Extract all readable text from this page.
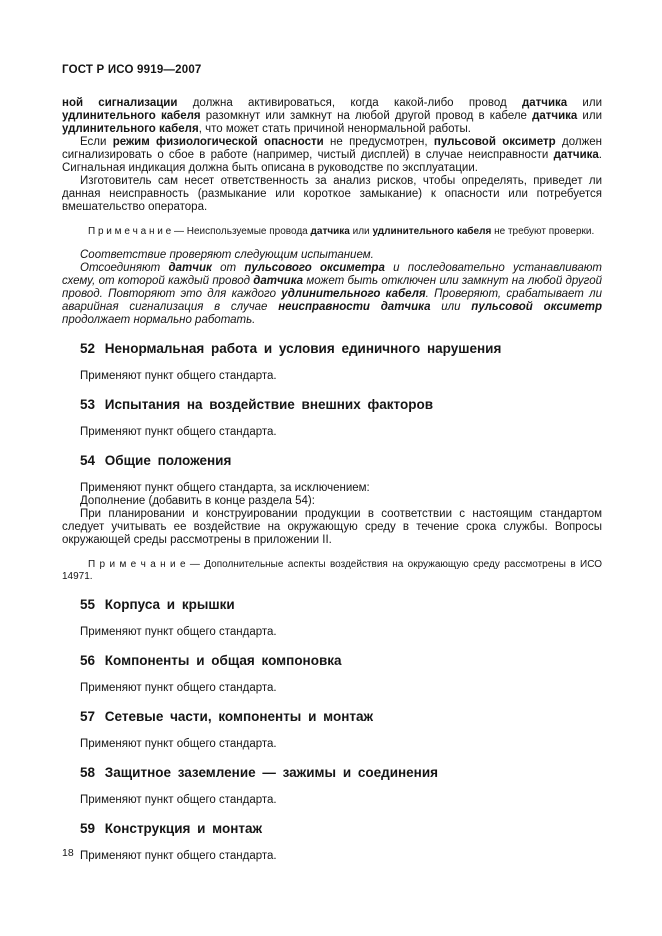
ГОСТ Р ИСО 9919—2007

ной сигнализации должна активироваться, когда какой-либо провод датчика или удлинительного кабеля разомкнут или замкнут на любой другой провод в кабеле датчика или удлинительного кабеля, что может стать причиной ненормальной работы.

Если режим физиологической опасности не предусмотрен, пульсовой оксиметр должен сигнализировать о сбое в работе (например, чистый дисплей) в случае неисправности датчика. Сигнальная индикация должна быть описана в руководстве по эксплуатации.

Изготовитель сам несет ответственность за анализ рисков, чтобы определять, приведет ли данная неисправность (размыкание или короткое замыкание) к опасности или потребуется вмешательство оператора.

П р и м е ч а н и е — Неиспользуемые провода датчика или удлинительного кабеля не требуют проверки.

Соответствие проверяют следующим испытанием.

Отсоединяют датчик от пульсового оксиметра и последовательно устанавливают схему, от которой каждый провод датчика может быть отключен или замкнут на любой другой провод. Повторяют это для каждого удлинительного кабеля. Проверяют, срабатывает ли аварийная сигнализация в случае неисправности датчика или пульсовой оксиметр продолжает нормально работать.

52 Ненормальная работа и условия единичного нарушения

Применяют пункт общего стандарта.

53 Испытания на воздействие внешних факторов

Применяют пункт общего стандарта.

54 Общие положения

Применяют пункт общего стандарта, за исключением:

Дополнение (добавить в конце раздела 54):

При планировании и конструировании продукции в соответствии с настоящим стандартом следует учитывать ее воздействие на окружающую среду в течение срока службы. Вопросы окружающей среды рассмотрены в приложении II.

П р и м е ч а н и е — Дополнительные аспекты воздействия на окружающую среду рассмотрены в ИСО 14971.

55 Корпуса и крышки

Применяют пункт общего стандарта.

56 Компоненты и общая компоновка

Применяют пункт общего стандарта.

57 Сетевые части, компоненты и монтаж

Применяют пункт общего стандарта.

58 Защитное заземление — зажимы и соединения

Применяют пункт общего стандарта.

59 Конструкция и монтаж

Применяют пункт общего стандарта.

18
